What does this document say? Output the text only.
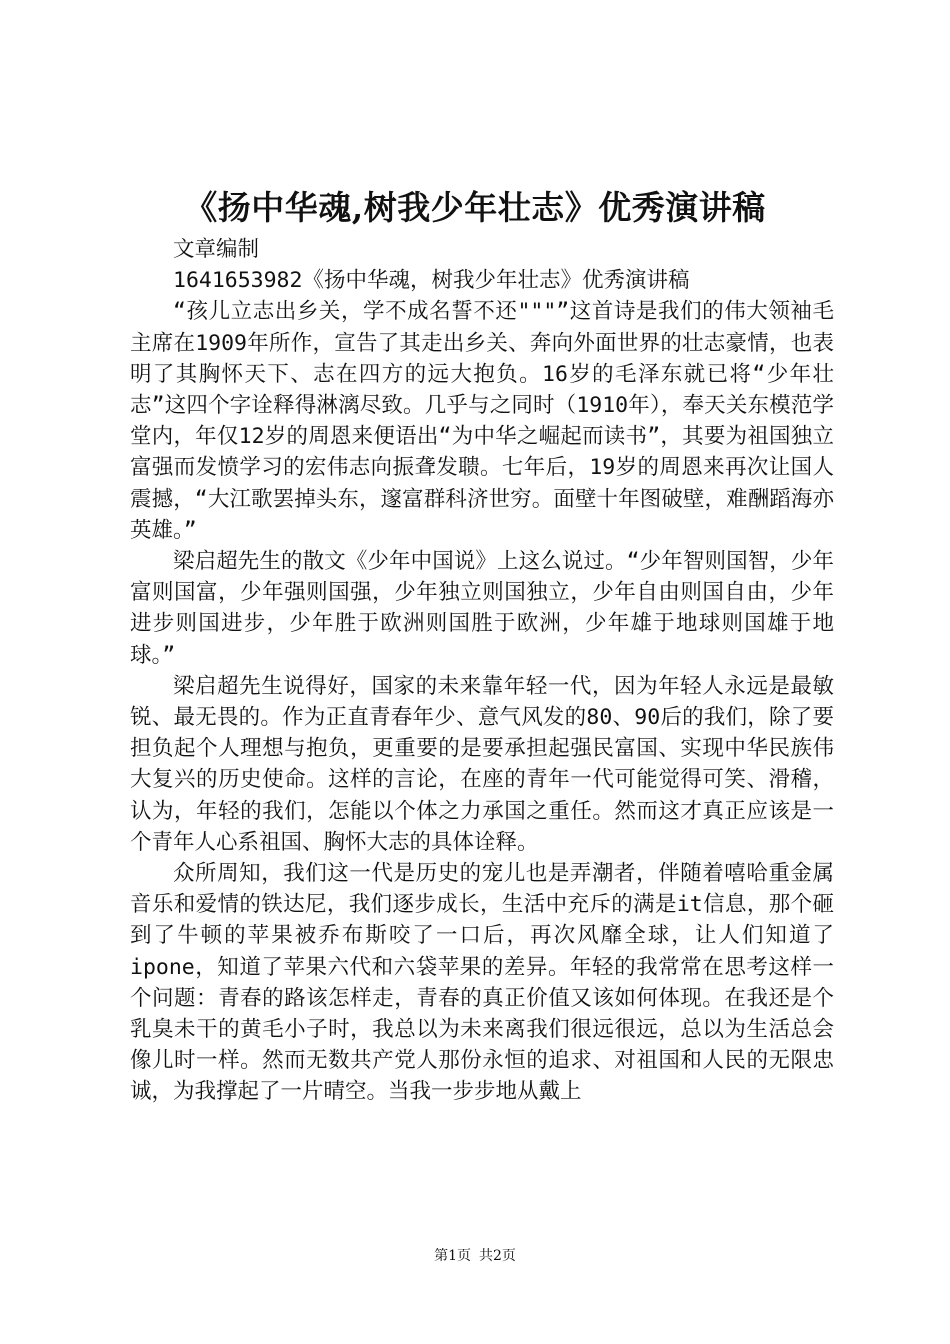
《扬中华魂,树我少年壮志》优秀演讲稿

文章编制

1641653982《扬中华魂，树我少年壮志》优秀演讲稿

“孩儿立志出乡关，学不成名誓不还"""”这首诗是我们的伟大领袖毛主席在1909年所作，宣告了其走出乡关、奔向外面世界的壮志豪情，也表明了其胸怀天下、志在四方的远大抱负。16岁的毛泽东就已将“少年壮志”这四个字诠释得淋漓尽致。几乎与之同时（1910年），奉天关东模范学堂内，年仅12岁的周恩来便语出“为中华之崛起而读书”，其要为祖国独立富强而发愤学习的宏伟志向振聋发聩。七年后，19岁的周恩来再次让国人震撼，“大江歌罢掉头东，邃富群科济世穷。面壁十年图破壁，难酬蹈海亦英雄。”

梁启超先生的散文《少年中国说》上这么说过。“少年智则国智，少年富则国富，少年强则国强，少年独立则国独立，少年自由则国自由，少年进步则国进步，少年胜于欧洲则国胜于欧洲，少年雄于地球则国雄于地球。”

梁启超先生说得好，国家的未来靠年轻一代，因为年轻人永远是最敏锐、最无畏的。作为正直青春年少、意气风发的80、90后的我们，除了要担负起个人理想与抱负，更重要的是要承担起强民富国、实现中华民族伟大复兴的历史使命。这样的言论，在座的青年一代可能觉得可笑、滑稽，认为，年轻的我们，怎能以个体之力承国之重任。然而这才真正应该是一个青年人心系祖国、胸怀大志的具体诠释。

众所周知，我们这一代是历史的宠儿也是弄潮者，伴随着嘻哈重金属音乐和爱情的铁达尼，我们逐步成长，生活中充斥的满是it信息，那个砸到了牛顿的苹果被乔布斯咬了一口后，再次风靡全球，让人们知道了ipone，知道了苹果六代和六袋苹果的差异。年轻的我常常在思考这样一个问题：青春的路该怎样走，青春的真正价值又该如何体现。在我还是个乳臭未干的黄毛小子时，我总以为未来离我们很远很远，总以为生活总会像儿时一样。然而无数共产党人那份永恒的追求、对祖国和人民的无限忠诚，为我撑起了一片晴空。当我一步步地从戴上

第1页 共2页
